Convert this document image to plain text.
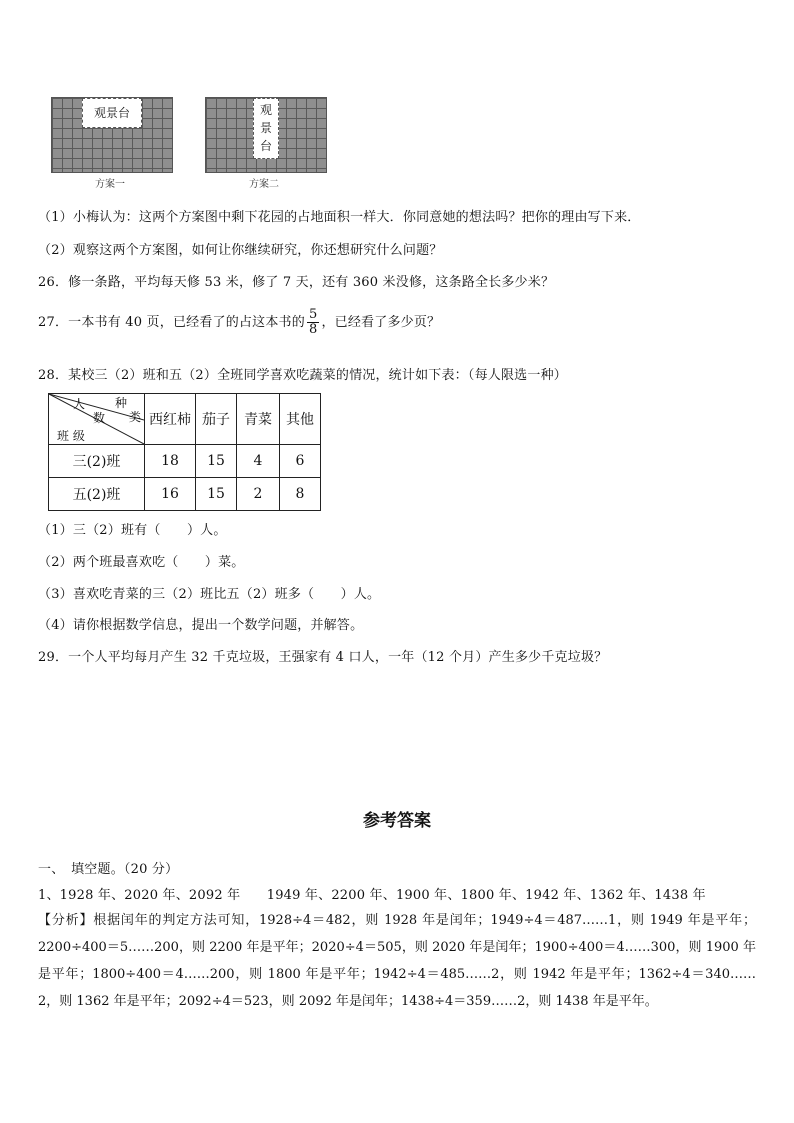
观景台
方案一
观
景
台
方案二
（1）小梅认为：这两个方案图中剩下花园的占地面积一样大．你同意她的想法吗？把你的理由写下来．
（2）观察这两个方案图，如何让你继续研究，你还想研究什么问题？
26．修一条路，平均每天修 53 米，修了 7 天，还有 360 米没修，这条路全长多少米？
27．一本书有 40 页，已经看了的占这本书的 $\frac{5}{8}$ ，已经看了多少页？
28．某校三（2）班和五（2）全班同学喜欢吃蔬菜的情况，统计如下表：（每人限选一种）
人 种
数 类
班 级	西红柿	茄子	青菜	其他
三(2)班	18	15	4	6
五(2)班	16	15	2	8
（1）三（2）班有（　　）人。
（2）两个班最喜欢吃（　　）菜。
（3）喜欢吃青菜的三（2）班比五（2）班多（　　）人。
（4）请你根据数学信息，提出一个数学问题，并解答。
29．一个人平均每月产生 32 千克垃圾，王强家有 4 口人，一年（12 个月）产生多少千克垃圾？
参考答案
一、　填空题。（20 分）
1、1928 年、2020 年、2092 年　　1949 年、2200 年、1900 年、1800 年、1942 年、1362 年、1438 年
【分析】根据闰年的判定方法可知，1928÷4＝482，则 1928 年是闰年；1949÷4＝487……1，则 1949 年是平年；2200÷400＝5……200，则 2200 年是平年；2020÷4＝505，则 2020 年是闰年；1900÷400＝4……300，则 1900 年是平年；1800÷400＝4……200，则 1800 年是平年；1942÷4＝485……2，则 1942 年是平年；1362÷4＝340……2，则 1362 年是平年；2092÷4＝523，则 2092 年是闰年；1438÷4＝359……2，则 1438 年是平年。
